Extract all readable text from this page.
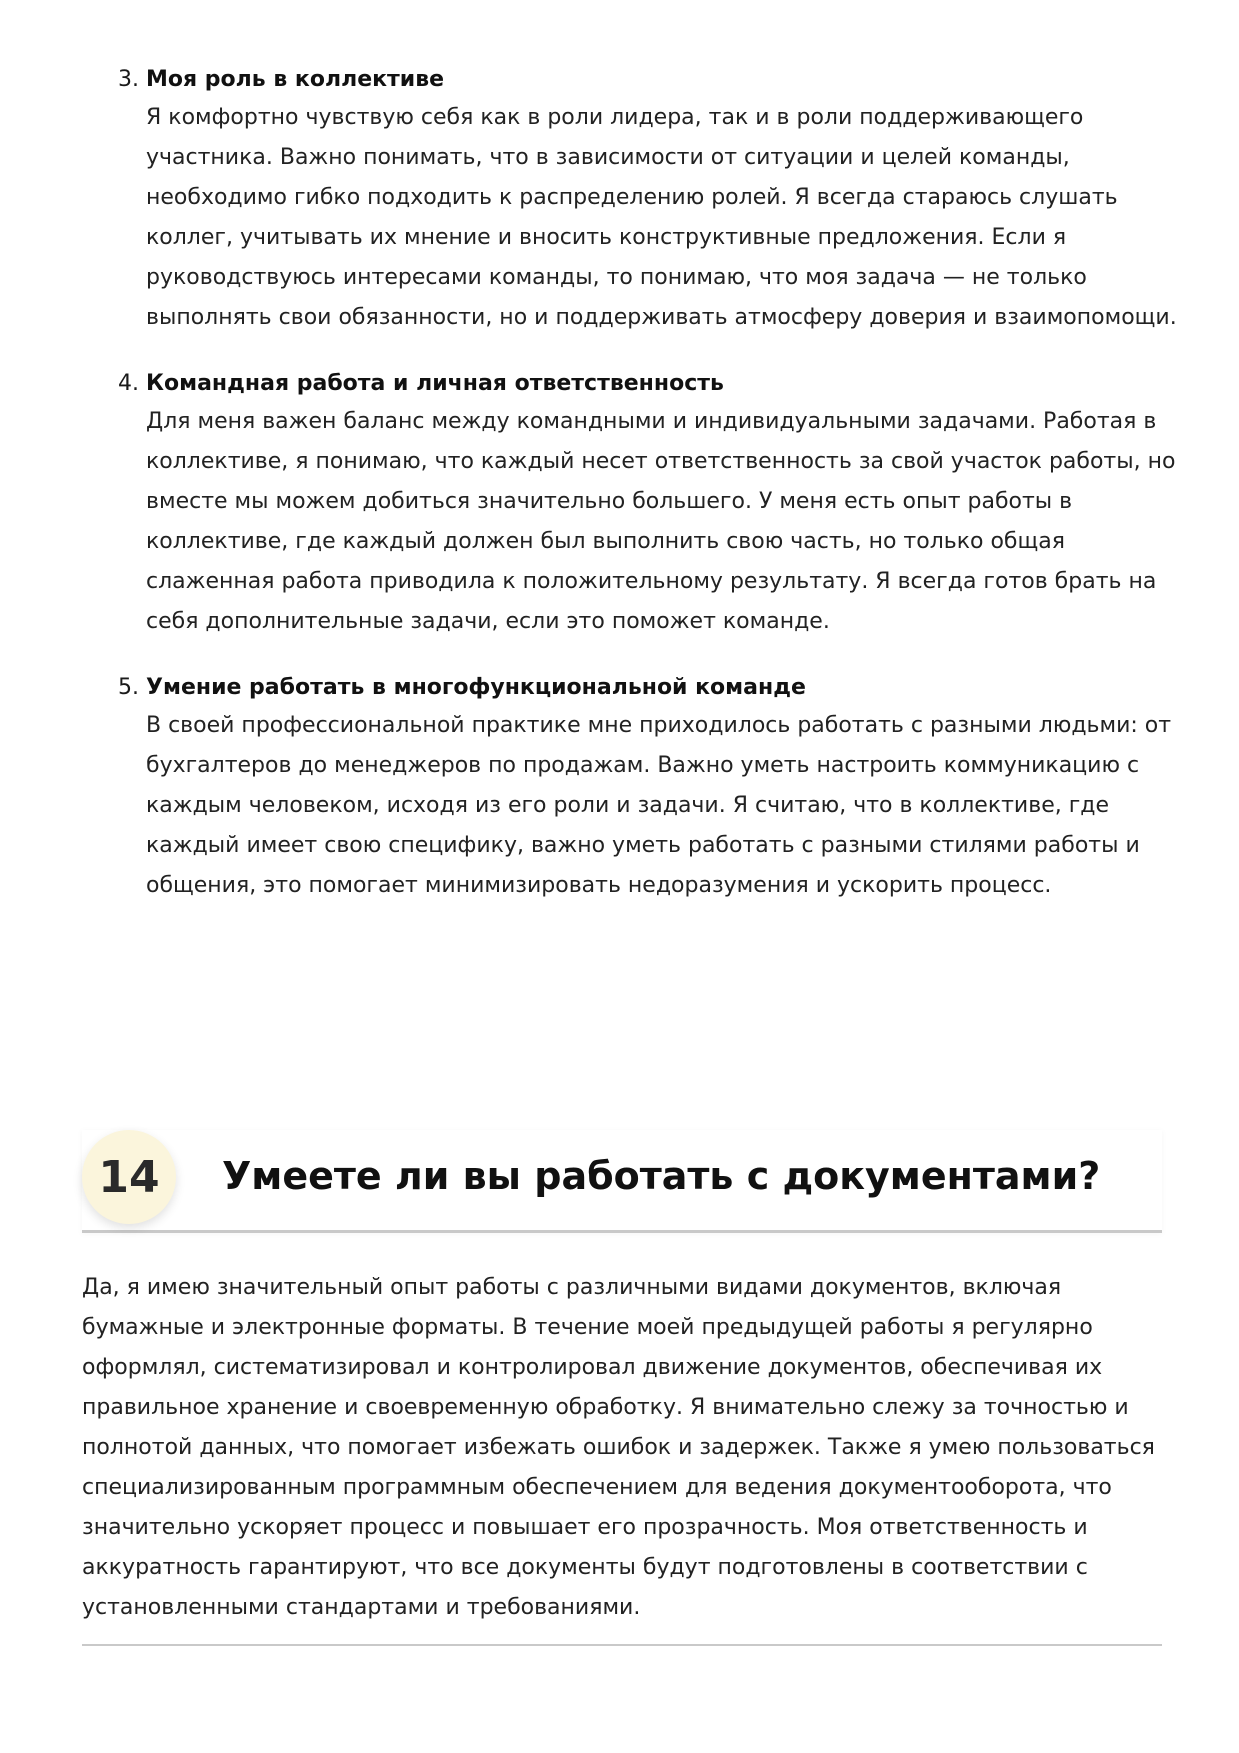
3. Моя роль в коллективе
Я комфортно чувствую себя как в роли лидера, так и в роли поддерживающего участника. Важно понимать, что в зависимости от ситуации и целей команды, необходимо гибко подходить к распределению ролей. Я всегда стараюсь слушать коллег, учитывать их мнение и вносить конструктивные предложения. Если я руководствуюсь интересами команды, то понимаю, что моя задача — не только выполнять свои обязанности, но и поддерживать атмосферу доверия и взаимопомощи.
4. Командная работа и личная ответственность
Для меня важен баланс между командными и индивидуальными задачами. Работая в коллективе, я понимаю, что каждый несет ответственность за свой участок работы, но вместе мы можем добиться значительно большего. У меня есть опыт работы в коллективе, где каждый должен был выполнить свою часть, но только общая слаженная работа приводила к положительному результату. Я всегда готов брать на себя дополнительные задачи, если это поможет команде.
5. Умение работать в многофункциональной команде
В своей профессиональной практике мне приходилось работать с разными людьми: от бухгалтеров до менеджеров по продажам. Важно уметь настроить коммуникацию с каждым человеком, исходя из его роли и задачи. Я считаю, что в коллективе, где каждый имеет свою специфику, важно уметь работать с разными стилями работы и общения, это помогает минимизировать недоразумения и ускорить процесс.
14	Умеете ли вы работать с документами?

Да, я имею значительный опыт работы с различными видами документов, включая бумажные и электронные форматы. В течение моей предыдущей работы я регулярно оформлял, систематизировал и контролировал движение документов, обеспечивая их правильное хранение и своевременную обработку. Я внимательно слежу за точностью и полнотой данных, что помогает избежать ошибок и задержек. Также я умею пользоваться специализированным программным обеспечением для ведения документооборота, что значительно ускоряет процесс и повышает его прозрачность. Моя ответственность и аккуратность гарантируют, что все документы будут подготовлены в соответствии с установленными стандартами и требованиями.
